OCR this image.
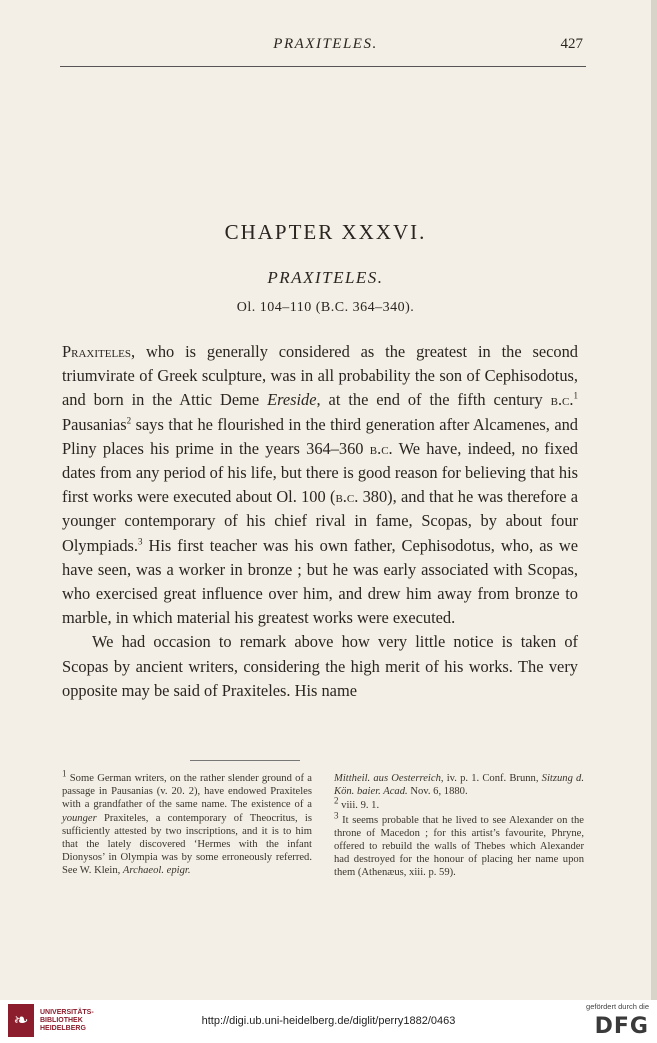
PRAXITELES.	427
CHAPTER XXXVI.
PRAXITELES.
Ol. 104–110 (B.C. 364–340).

Praxiteles, who is generally considered as the greatest in the second triumvirate of Greek sculpture, was in all probability the son of Cephisodotus, and born in the Attic Deme Ereside, at the end of the fifth century b.c.$^1$ Pausanias$^2$ says that he flourished in the third generation after Alcamenes, and Pliny places his prime in the years 364–360 b.c. We have, indeed, no fixed dates from any period of his life, but there is good reason for believing that his first works were executed about Ol. 100 (b.c. 380), and that he was therefore a younger contemporary of his chief rival in fame, Scopas, by about four Olympiads.$^3$ His first teacher was his own father, Cephisodotus, who, as we have seen, was a worker in bronze ; but he was early associated with Scopas, who exercised great influence over him, and drew him away from bronze to marble, in which material his greatest works were executed.

We had occasion to remark above how very little notice is taken of Scopas by ancient writers, considering the high merit of his works. The very opposite may be said of Praxiteles. His name

$^1$ Some German writers, on the rather slender ground of a passage in Pausanias (v. 20. 2), have endowed Praxiteles with a grandfather of the same name. The existence of a younger Praxiteles, a contemporary of Theocritus, is sufficiently attested by two inscriptions, and it is to him that the lately discovered ‘Hermes with the infant Dionysos’ in Olympia was by some erroneously referred. See W. Klein, Archaeol. epigr.

Mittheil. aus Oesterreich, iv. p. 1. Conf. Brunn, Sitzung d. Kön. baier. Acad. Nov. 6, 1880.

$^2$ viii. 9. 1.

$^3$ It seems probable that he lived to see Alexander on the throne of Macedon ; for this artist’s favourite, Phryne, offered to rebuild the walls of Thebes which Alexander had destroyed for the honour of placing her name upon them (Athenæus, xiii. p. 59).

❧	UNIVERSITÄTS-
BIBLIOTHEK
HEIDELBERG
http://digi.ub.uni-heidelberg.de/diglit/perry1882/0463
gefördert durch die
DFG
